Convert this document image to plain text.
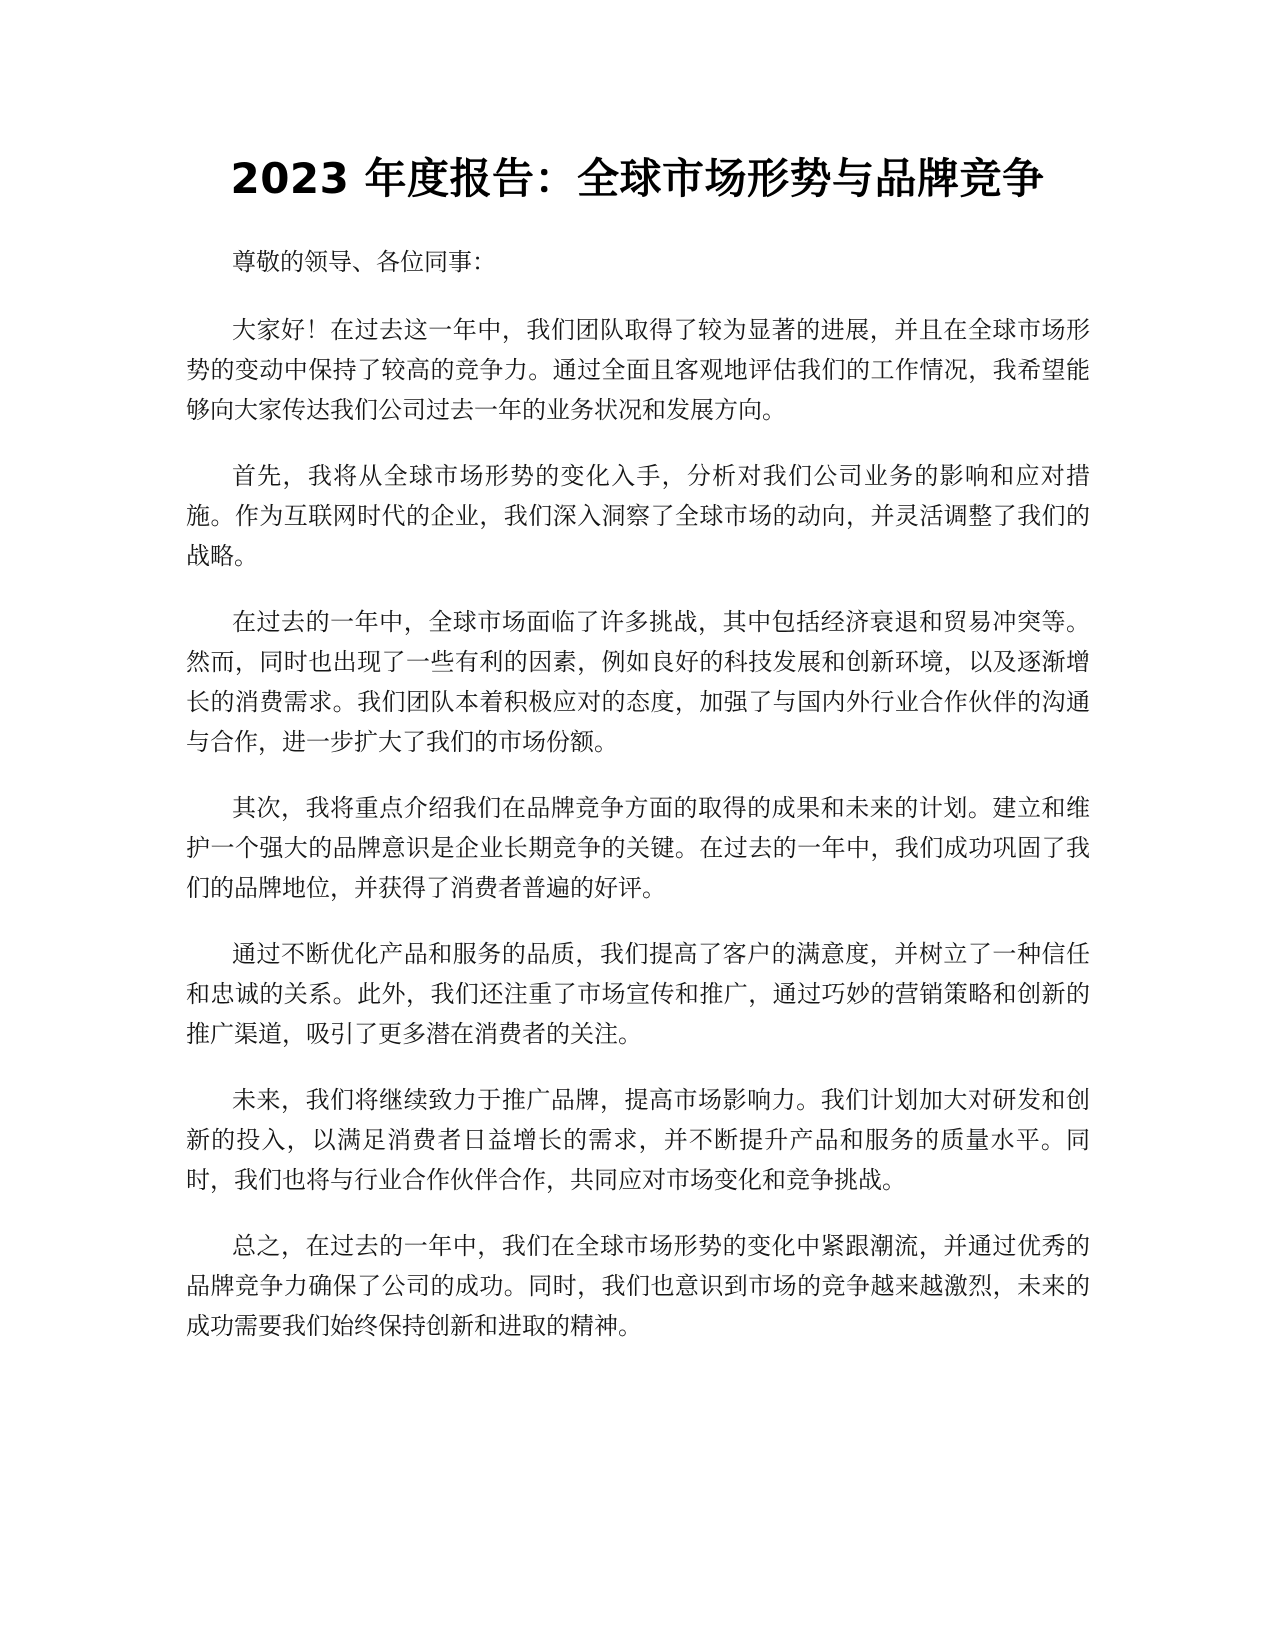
2023 年度报告：全球市场形势与品牌竞争

尊敬的领导、各位同事：

大家好！在过去这一年中，我们团队取得了较为显著的进展，并且在全球市场形势的变动中保持了较高的竞争力。通过全面且客观地评估我们的工作情况，我希望能够向大家传达我们公司过去一年的业务状况和发展方向。

首先，我将从全球市场形势的变化入手，分析对我们公司业务的影响和应对措施。作为互联网时代的企业，我们深入洞察了全球市场的动向，并灵活调整了我们的战略。

在过去的一年中，全球市场面临了许多挑战，其中包括经济衰退和贸易冲突等。然而，同时也出现了一些有利的因素，例如良好的科技发展和创新环境，以及逐渐增长的消费需求。我们团队本着积极应对的态度，加强了与国内外行业合作伙伴的沟通与合作，进一步扩大了我们的市场份额。

其次，我将重点介绍我们在品牌竞争方面的取得的成果和未来的计划。建立和维护一个强大的品牌意识是企业长期竞争的关键。在过去的一年中，我们成功巩固了我们的品牌地位，并获得了消费者普遍的好评。

通过不断优化产品和服务的品质，我们提高了客户的满意度，并树立了一种信任和忠诚的关系。此外，我们还注重了市场宣传和推广，通过巧妙的营销策略和创新的推广渠道，吸引了更多潜在消费者的关注。

未来，我们将继续致力于推广品牌，提高市场影响力。我们计划加大对研发和创新的投入，以满足消费者日益增长的需求，并不断提升产品和服务的质量水平。同时，我们也将与行业合作伙伴合作，共同应对市场变化和竞争挑战。

总之，在过去的一年中，我们在全球市场形势的变化中紧跟潮流，并通过优秀的品牌竞争力确保了公司的成功。同时，我们也意识到市场的竞争越来越激烈，未来的成功需要我们始终保持创新和进取的精神。
